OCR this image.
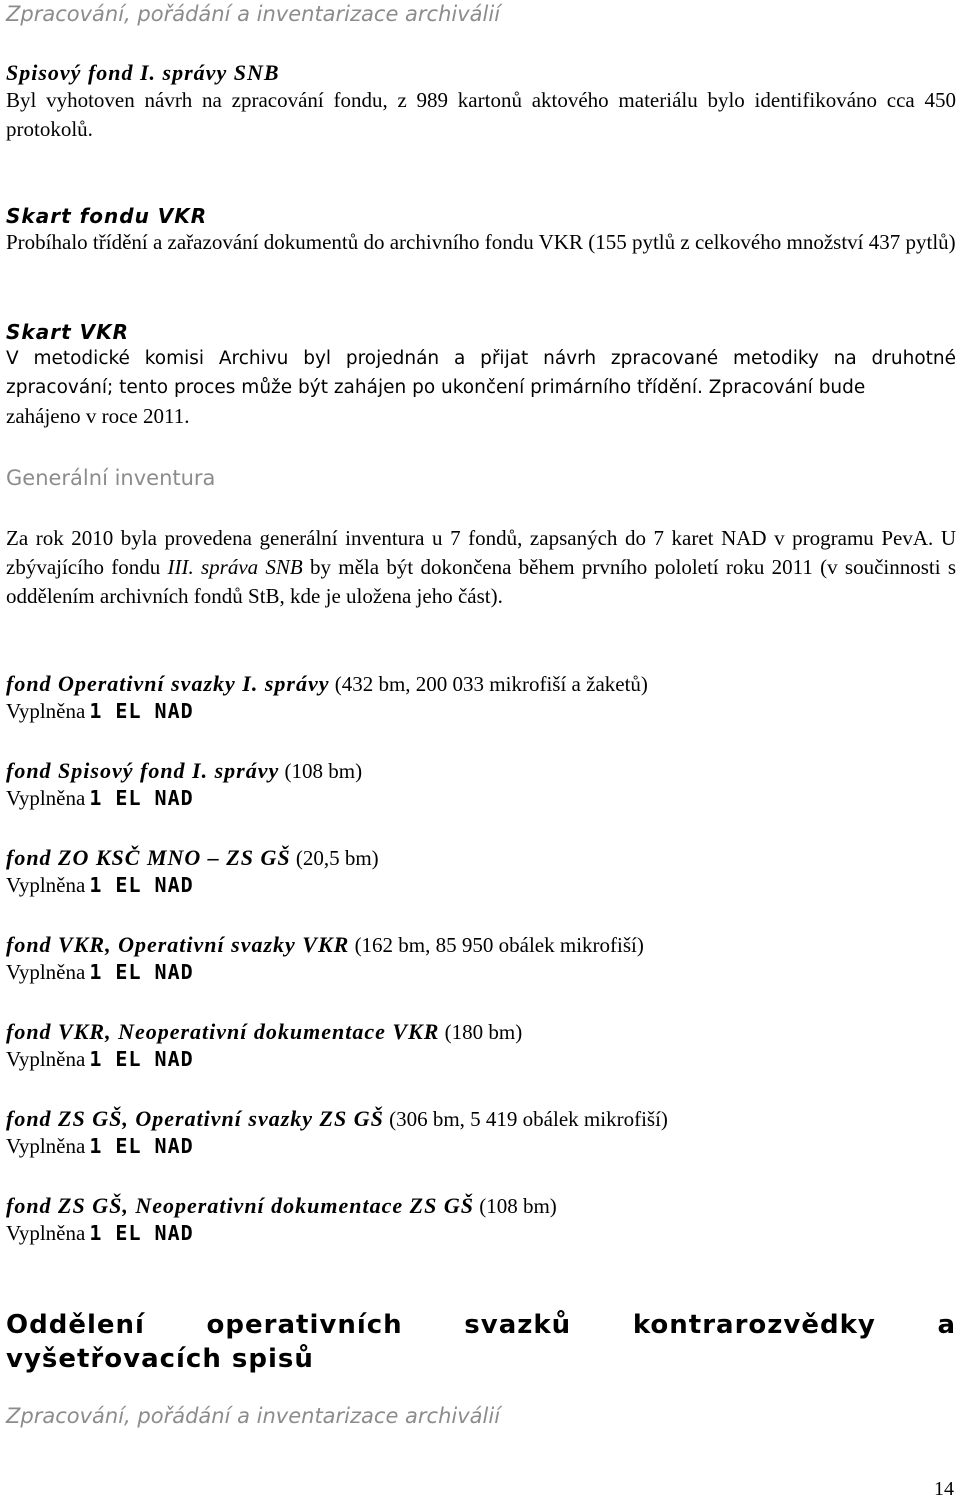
Zpracování, pořádání a inventarizace archiválií
Spisový fond I. správy SNB
Byl vyhotoven návrh na zpracování fondu, z 989 kartonů aktového materiálu bylo identifikováno cca 450 protokolů.
Skart fondu VKR
Probíhalo třídění a zařazování dokumentů do archivního fondu VKR (155 pytlů z celkového množství 437 pytlů)
Skart VKR
V metodické komisi Archivu byl projednán a přijat návrh zpracované metodiky na druhotné zpracování; tento proces může být zahájen po ukončení primárního třídění. Zpracování bude
zahájeno v roce 2011.
Generální inventura
Za rok 2010 byla provedena generální inventura u 7 fondů, zapsaných do 7 karet NAD v programu PevA. U zbývajícího fondu III. správa SNB by měla být dokončena během prvního pololetí roku 2011 (v součinnosti s oddělením archivních fondů StB, kde je uložena jeho část).
fond Operativní svazky I. správy (432 bm, 200 033 mikrofiší a žaketů)
Vyplněna 1 EL NAD
fond Spisový fond I. správy (108 bm)
Vyplněna 1 EL NAD
fond ZO KSČ MNO – ZS GŠ (20,5 bm)
Vyplněna 1 EL NAD
fond VKR, Operativní svazky VKR (162 bm, 85 950 obálek mikrofiší)
Vyplněna 1 EL NAD
fond VKR, Neoperativní dokumentace VKR (180 bm)
Vyplněna 1 EL NAD
fond ZS GŠ, Operativní svazky ZS GŠ (306 bm, 5 419 obálek mikrofiší)
Vyplněna 1 EL NAD
fond ZS GŠ, Neoperativní dokumentace ZS GŠ (108 bm)
Vyplněna 1 EL NAD
Oddělení operativních svazků kontrarozvědky a vyšetřovacích spisů
Zpracování, pořádání a inventarizace archiválií
14
